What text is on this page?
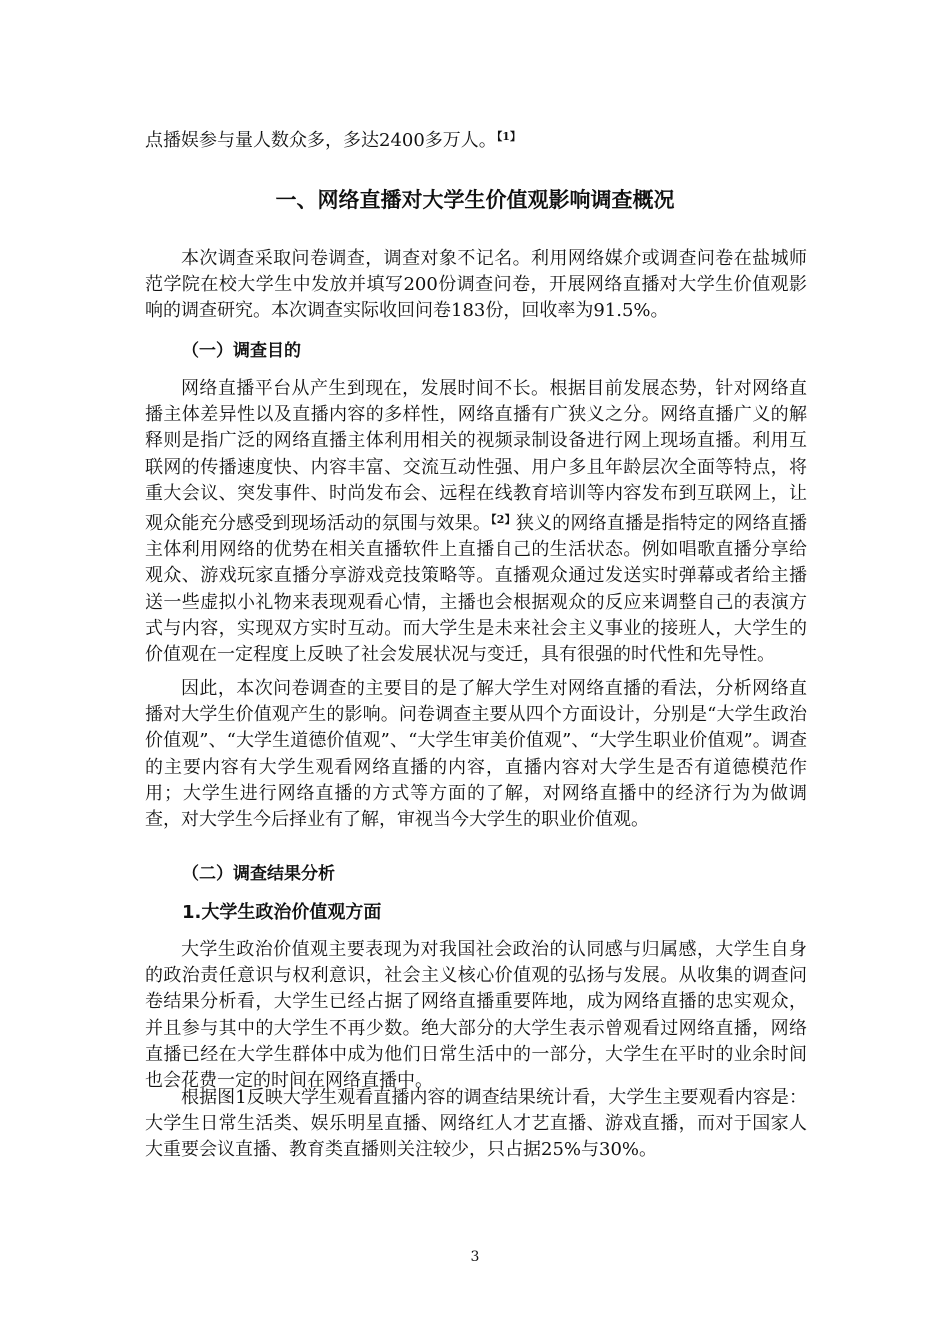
点播娱参与量人数众多，多达2400多万人。$^{【1】}$

一、网络直播对大学生价值观影响调查概况

本次调查采取问卷调查，调查对象不记名。利用网络媒介或调查问卷在盐城师范学院在校大学生中发放并填写200份调查问卷，开展网络直播对大学生价值观影响的调查研究。本次调查实际收回问卷183份，回收率为91.5%。

（一）调查目的

网络直播平台从产生到现在，发展时间不长。根据目前发展态势，针对网络直播主体差异性以及直播内容的多样性，网络直播有广狭义之分。网络直播广义的解释则是指广泛的网络直播主体利用相关的视频录制设备进行网上现场直播。利用互联网的传播速度快、内容丰富、交流互动性强、用户多且年龄层次全面等特点，将重大会议、突发事件、时尚发布会、远程在线教育培训等内容发布到互联网上，让观众能充分感受到现场活动的氛围与效果。$^{【2】}$狭义的网络直播是指特定的网络直播主体利用网络的优势在相关直播软件上直播自己的生活状态。例如唱歌直播分享给观众、游戏玩家直播分享游戏竞技策略等。直播观众通过发送实时弹幕或者给主播送一些虚拟小礼物来表现观看心情，主播也会根据观众的反应来调整自己的表演方式与内容，实现双方实时互动。而大学生是未来社会主义事业的接班人，大学生的价值观在一定程度上反映了社会发展状况与变迁，具有很强的时代性和先导性。

因此，本次问卷调查的主要目的是了解大学生对网络直播的看法，分析网络直播对大学生价值观产生的影响。问卷调查主要从四个方面设计，分别是“大学生政治价值观”、“大学生道德价值观”、“大学生审美价值观”、“大学生职业价值观”。调查的主要内容有大学生观看网络直播的内容，直播内容对大学生是否有道德模范作用；大学生进行网络直播的方式等方面的了解，对网络直播中的经济行为为做调查，对大学生今后择业有了解，审视当今大学生的职业价值观。

（二）调查结果分析
1.大学生政治价值观方面

大学生政治价值观主要表现为对我国社会政治的认同感与归属感，大学生自身的政治责任意识与权利意识，社会主义核心价值观的弘扬与发展。从收集的调查问卷结果分析看，大学生已经占据了网络直播重要阵地，成为网络直播的忠实观众，并且参与其中的大学生不再少数。绝大部分的大学生表示曾观看过网络直播，网络直播已经在大学生群体中成为他们日常生活中的一部分，大学生在平时的业余时间也会花费一定的时间在网络直播中。

根据图1反映大学生观看直播内容的调查结果统计看，大学生主要观看内容是：大学生日常生活类、娱乐明星直播、网络红人才艺直播、游戏直播，而对于国家人大重要会议直播、教育类直播则关注较少，只占据25%与30%。

3
